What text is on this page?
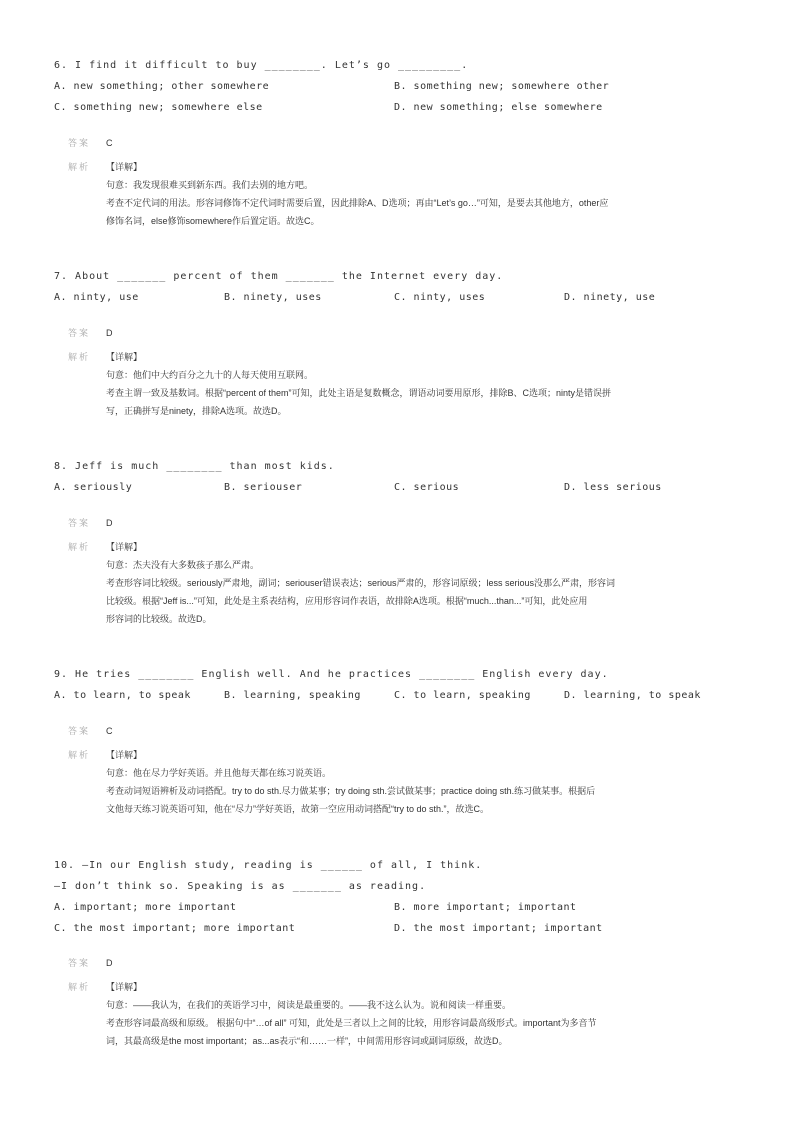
6. I find it difficult to buy ________. Let’s go _________.
A. new something; other somewhere	B. something new; somewhere other
C. something new; somewhere else	D. new something; else somewhere
答案 C
解析 【详解】
句意：我发现很难买到新东西。我们去别的地方吧。
考查不定代词的用法。形容词修饰不定代词时需要后置，因此排除A、D选项；再由“Let’s go…”可知，是要去其他地方，other应
修饰名词，else修饰somewhere作后置定语。故选C。
7. About _______ percent of them _______ the Internet every day.
A. ninty, use	B. ninety, uses	C. ninty, uses	D. ninety, use
答案 D
解析 【详解】
句意：他们中大约百分之九十的人每天使用互联网。
考查主谓一致及基数词。根据“percent of them”可知，此处主语是复数概念，谓语动词要用原形，排除B、C选项；ninty是错误拼
写，正确拼写是ninety，排除A选项。故选D。
8. Jeff is much ________ than most kids.
A. seriously	B. seriouser	C. serious	D. less serious
答案 D
解析 【详解】
句意：杰夫没有大多数孩子那么严肃。
考查形容词比较级。seriously严肃地，副词；seriouser错误表达；serious严肃的，形容词原级；less serious没那么严肃，形容词
比较级。根据“Jeff is...”可知，此处是主系表结构，应用形容词作表语，故排除A选项。根据“much...than...”可知，此处应用
形容词的比较级。故选D。
9. He tries ________ English well. And he practices ________ English every day.
A. to learn, to speak	B. learning, speaking	C. to learn, speaking	D. learning, to speak
答案 C
解析 【详解】
句意：他在尽力学好英语。并且他每天都在练习说英语。
考查动词短语辨析及动词搭配。try to do sth.尽力做某事；try doing sth.尝试做某事；practice doing sth.练习做某事。根据后
文他每天练习说英语可知，他在“尽力”学好英语，故第一空应用动词搭配“try to do sth.”，故选C。
10. —In our English study, reading is ______ of all, I think.
—I don’t think so. Speaking is as _______ as reading.
A. important; more important	B. more important; important
C. the most important; more important	D. the most important; important
答案 D
解析 【详解】
句意：——我认为，在我们的英语学习中，阅读是最重要的。——我不这么认为。说和阅读一样重要。
考查形容词最高级和原级。 根据句中“…of all” 可知，此处是三者以上之间的比较，用形容词最高级形式。important为多音节
词，其最高级是the most important；as...as表示“和……一样”，中间需用形容词或副词原级，故选D。
